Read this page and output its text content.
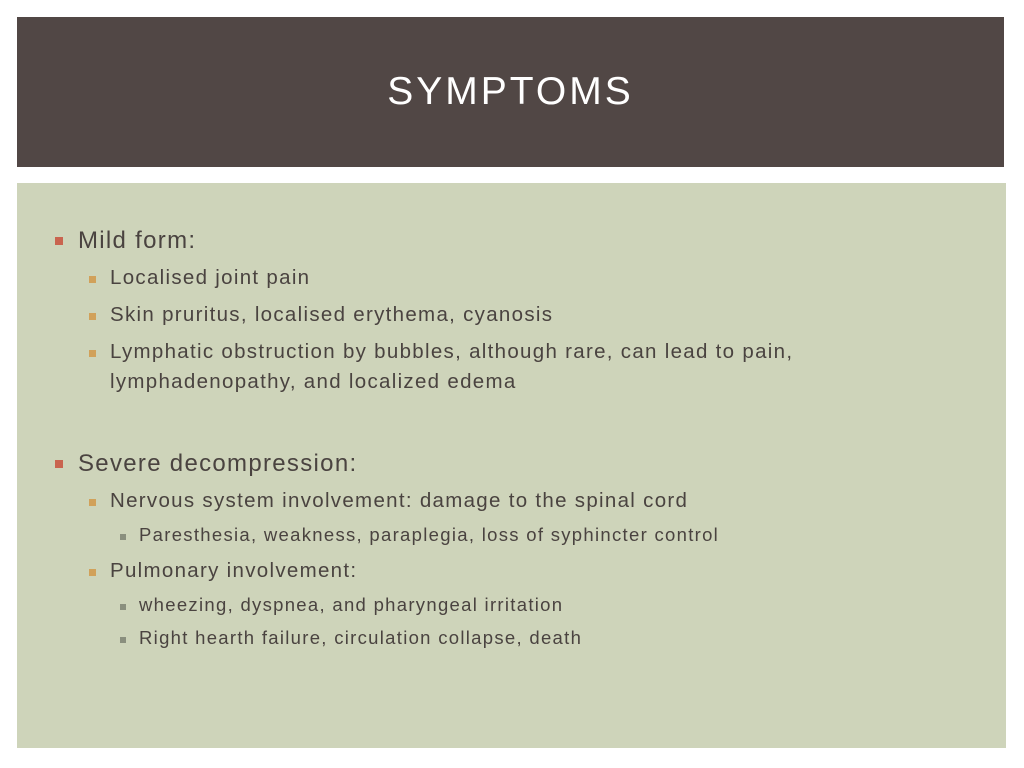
SYMPTOMS
Mild form:
Localised joint pain
Skin pruritus, localised erythema, cyanosis
Lymphatic obstruction by bubbles, although rare, can lead to pain, lymphadenopathy, and localized edema
Severe decompression:
Nervous system involvement: damage to the spinal cord
Paresthesia, weakness, paraplegia, loss of syphincter control
Pulmonary involvement:
wheezing, dyspnea, and pharyngeal irritation
Right hearth failure, circulation collapse, death
